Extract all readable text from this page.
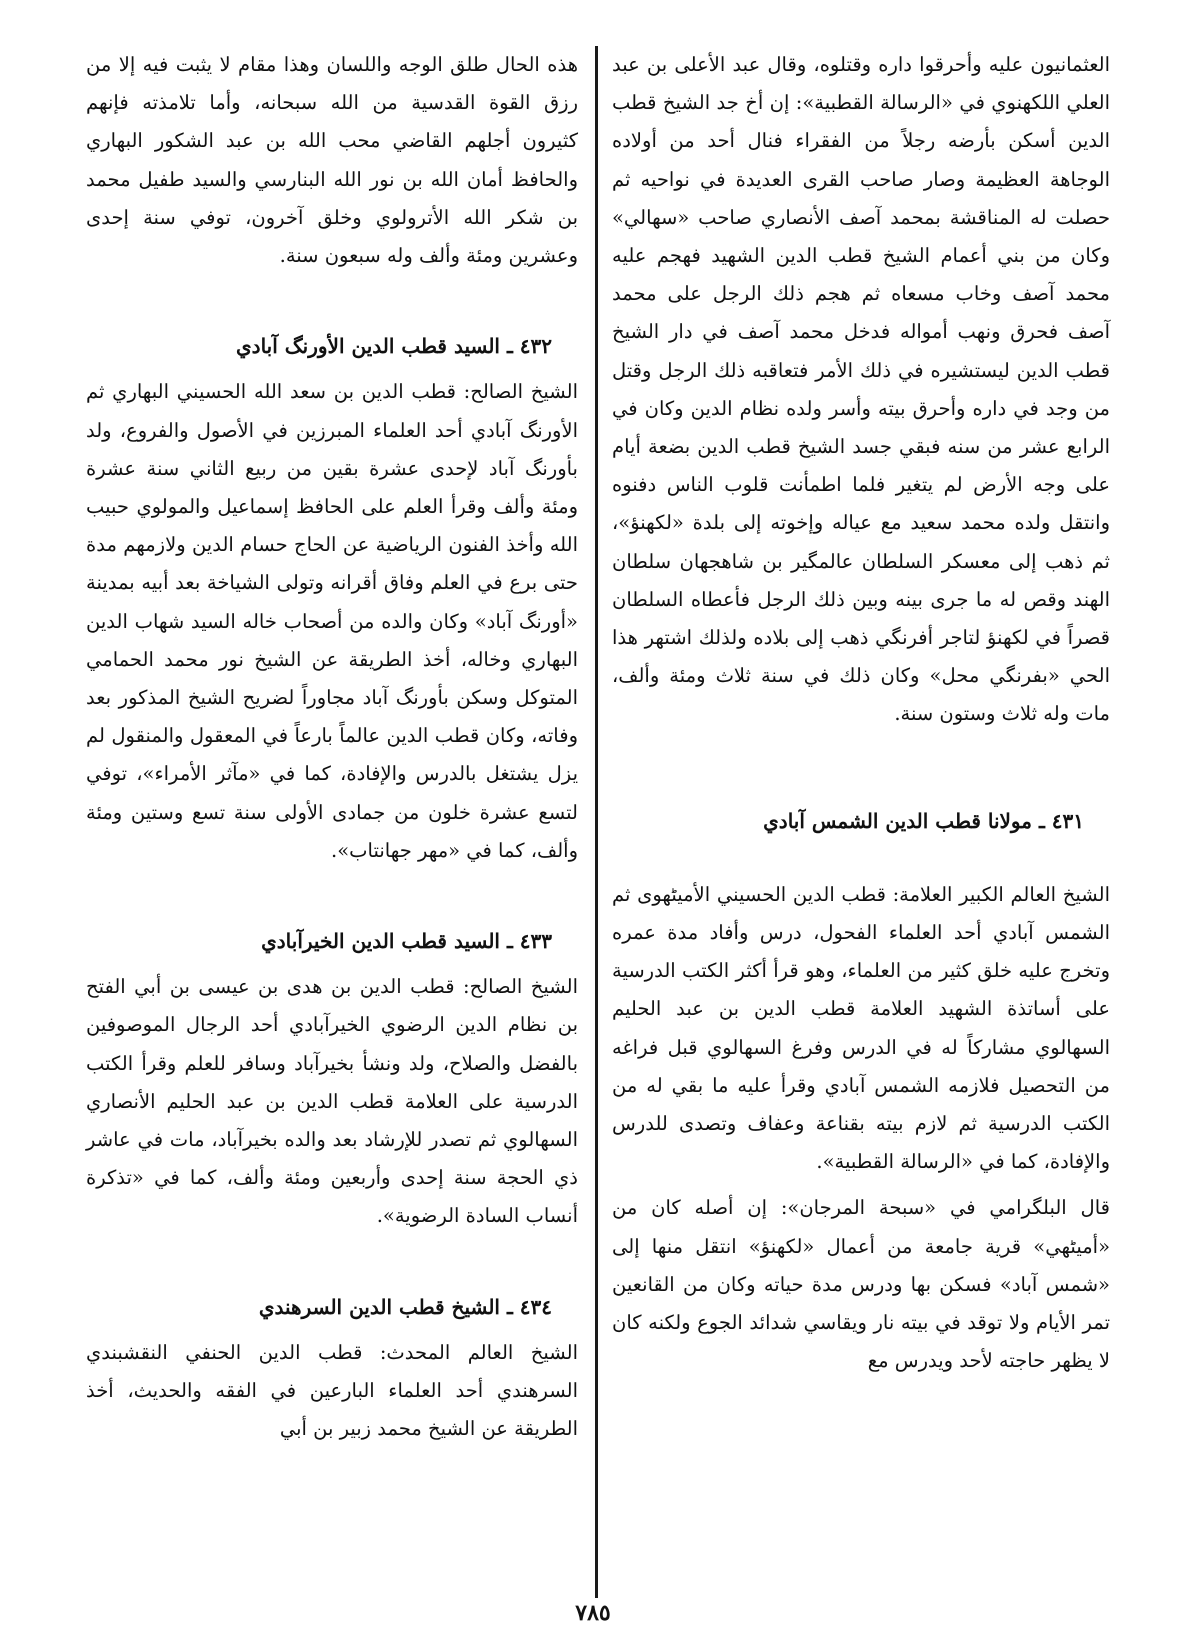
العثمانيون عليه وأحرقوا داره وقتلوه، وقال عبد الأعلى بن عبد العلي اللكهنوي في «الرسالة القطبية»: إن أخ جد الشيخ قطب الدين أسكن بأرضه رجلاً من الفقراء فنال أحد من أولاده الوجاهة العظيمة وصار صاحب القرى العديدة في نواحيه ثم حصلت له المناقشة بمحمد آصف الأنصاري صاحب «سهالي» وكان من بني أعمام الشيخ قطب الدين الشهيد فهجم عليه محمد آصف وخاب مسعاه ثم هجم ذلك الرجل على محمد آصف فحرق ونهب أمواله فدخل محمد آصف في دار الشيخ قطب الدين ليستشيره في ذلك الأمر فتعاقبه ذلك الرجل وقتل من وجد في داره وأحرق بيته وأسر ولده نظام الدين وكان في الرابع عشر من سنه فبقي جسد الشيخ قطب الدين بضعة أيام على وجه الأرض لم يتغير فلما اطمأنت قلوب الناس دفنوه وانتقل ولده محمد سعيد مع عياله وإخوته إلى بلدة «لكهنؤ»، ثم ذهب إلى معسكر السلطان عالمگير بن شاهجهان سلطان الهند وقص له ما جرى بينه وبين ذلك الرجل فأعطاه السلطان قصراً في لكهنؤ لتاجر أفرنگي ذهب إلى بلاده ولذلك اشتهر هذا الحي «بفرنگي محل» وكان ذلك في سنة ثلاث ومئة وألف، مات وله ثلاث وستون سنة.

٤٣١ ـ مولانا قطب الدين الشمس آبادي

الشيخ العالم الكبير العلامة: قطب الدين الحسيني الأميٹهوى ثم الشمس آبادي أحد العلماء الفحول، درس وأفاد مدة عمره وتخرج عليه خلق كثير من العلماء، وهو قرأ أكثر الكتب الدرسية على أساتذة الشهيد العلامة قطب الدين بن عبد الحليم السهالوي مشاركاً له في الدرس وفرغ السهالوي قبل فراغه من التحصيل فلازمه الشمس آبادي وقرأ عليه ما بقي له من الكتب الدرسية ثم لازم بيته بقناعة وعفاف وتصدى للدرس والإفادة، كما في «الرسالة القطبية».

قال البلگرامي في «سبحة المرجان»: إن أصله كان من «أميٹهي» قرية جامعة من أعمال «لكهنؤ» انتقل منها إلى «شمس آباد» فسكن بها ودرس مدة حياته وكان من القانعين تمر الأيام ولا توقد في بيته نار ويقاسي شدائد الجوع ولكنه كان لا يظهر حاجته لأحد ويدرس مع

هذه الحال طلق الوجه واللسان وهذا مقام لا يثبت فيه إلا من رزق القوة القدسية من الله سبحانه، وأما تلامذته فإنهم كثيرون أجلهم القاضي محب الله بن عبد الشكور البهاري والحافظ أمان الله بن نور الله البنارسي والسيد طفيل محمد بن شكر الله الأترولوي وخلق آخرون، توفي سنة إحدى وعشرين ومئة وألف وله سبعون سنة.

٤٣٢ ـ السيد قطب الدين الأورنگ آبادي

الشيخ الصالح: قطب الدين بن سعد الله الحسيني البهاري ثم الأورنگ آبادي أحد العلماء المبرزين في الأصول والفروع، ولد بأورنگ آباد لإحدى عشرة بقين من ربيع الثاني سنة عشرة ومئة وألف وقرأ العلم على الحافظ إسماعيل والمولوي حبيب الله وأخذ الفنون الرياضية عن الحاج حسام الدين ولازمهم مدة حتى برع في العلم وفاق أقرانه وتولى الشياخة بعد أبيه بمدينة «أورنگ آباد» وكان والده من أصحاب خاله السيد شهاب الدين البهاري وخاله، أخذ الطريقة عن الشيخ نور محمد الحمامي المتوكل وسكن بأورنگ آباد مجاوراً لضريح الشيخ المذكور بعد وفاته، وكان قطب الدين عالماً بارعاً في المعقول والمنقول لم يزل يشتغل بالدرس والإفادة، كما في «مآثر الأمراء»، توفي لتسع عشرة خلون من جمادى الأولى سنة تسع وستين ومئة وألف، كما في «مهر جهانتاب».

٤٣٣ ـ السيد قطب الدين الخيرآبادي

الشيخ الصالح: قطب الدين بن هدى بن عيسى بن أبي الفتح بن نظام الدين الرضوي الخيرآبادي أحد الرجال الموصوفين بالفضل والصلاح، ولد ونشأ بخيرآباد وسافر للعلم وقرأ الكتب الدرسية على العلامة قطب الدين بن عبد الحليم الأنصاري السهالوي ثم تصدر للإرشاد بعد والده بخيرآباد، مات في عاشر ذي الحجة سنة إحدى وأربعين ومئة وألف، كما في «تذكرة أنساب السادة الرضوية».

٤٣٤ ـ الشيخ قطب الدين السرهندي

الشيخ العالم المحدث: قطب الدين الحنفي النقشبندي السرهندي أحد العلماء البارعين في الفقه والحديث، أخذ الطريقة عن الشيخ محمد زبير بن أبي

٧٨٥
